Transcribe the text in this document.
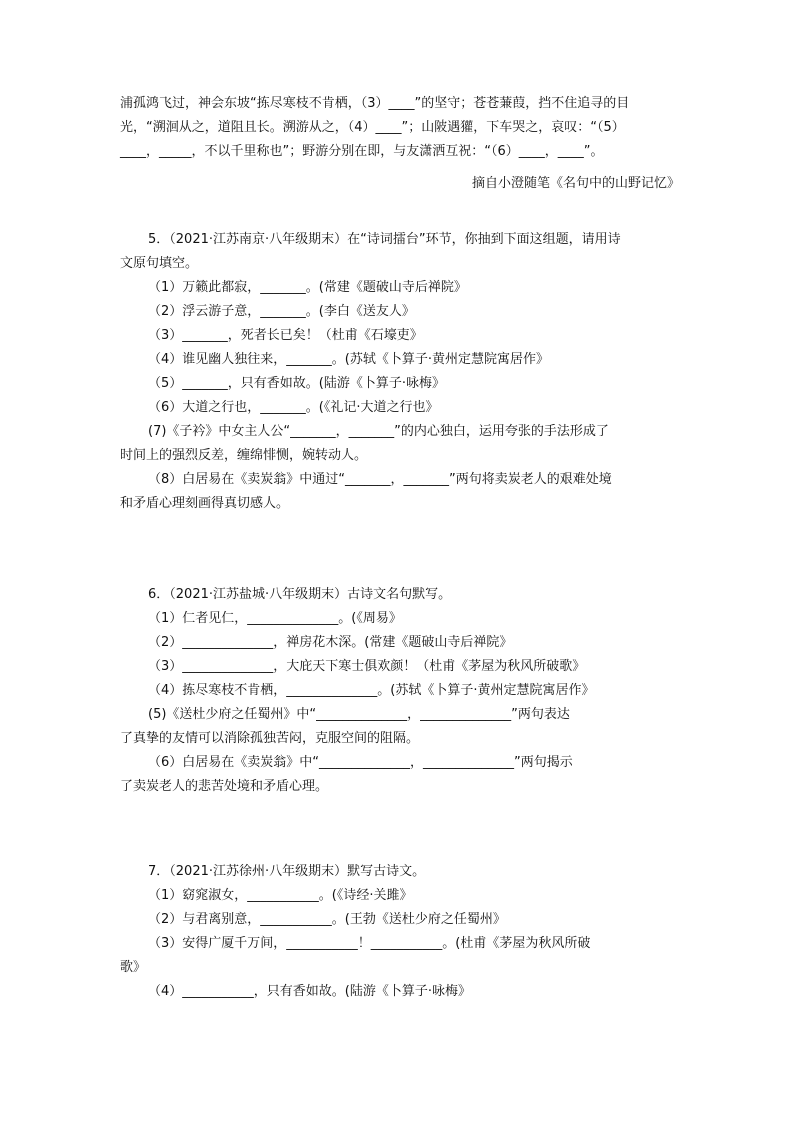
浦孤鸿飞过，神会东坡“拣尽寒枝不肯栖，（3）____”的坚守；苍苍蒹葭，挡不住追寻的目
光，“溯洄从之，道阻且长。溯游从之，（4）____”；山陂遇獾，下车哭之，哀叹：“（5）
____，_____，不以千里称也”；野游分别在即，与友潇洒互祝：“（6）____，____”。
摘自小澄随笔《名句中的山野记忆》
5．（2021·江苏南京·八年级期末）在“诗词擂台”环节，你抽到下面这组题，请用诗
文原句填空。
（1）万籁此都寂，_______。(常建《题破山寺后禅院》
（2）浮云游子意，_______。(李白《送友人》
（3）_______，死者长已矣！（杜甫《石壕吏》
（4）谁见幽人独往来，_______。(苏轼《卜算子·黄州定慧院寓居作》
（5）_______，只有香如故。(陆游《卜算子·咏梅》
（6）大道之行也，_______。(《礼记·大道之行也》
(7)《子衿》中女主人公“_______，_______”的内心独白，运用夸张的手法形成了
时间上的强烈反差，缠绵悱恻，婉转动人。
（8）白居易在《卖炭翁》中通过“_______，_______”两句将卖炭老人的艰难处境
和矛盾心理刻画得真切感人。
6．（2021·江苏盐城·八年级期末）古诗文名句默写。
（1）仁者见仁，______________。(《周易》
（2）______________，禅房花木深。(常建《题破山寺后禅院》
（3）______________，大庇天下寒士俱欢颜！（杜甫《茅屋为秋风所破歌》
（4）拣尽寒枝不肯栖，______________。(苏轼《卜算子·黄州定慧院寓居作》
(5)《送杜少府之任蜀州》中“______________，______________”两句表达
了真挚的友情可以消除孤独苦闷，克服空间的阻隔。
（6）白居易在《卖炭翁》中“______________，______________”两句揭示
了卖炭老人的悲苦处境和矛盾心理。
7．（2021·江苏徐州·八年级期末）默写古诗文。
（1）窈窕淑女，___________。(《诗经·关雎》
（2）与君离别意，___________。(王勃《送杜少府之任蜀州》
（3）安得广厦千万间，___________！___________。(杜甫《茅屋为秋风所破
歌》
（4）___________，只有香如故。(陆游《卜算子·咏梅》
